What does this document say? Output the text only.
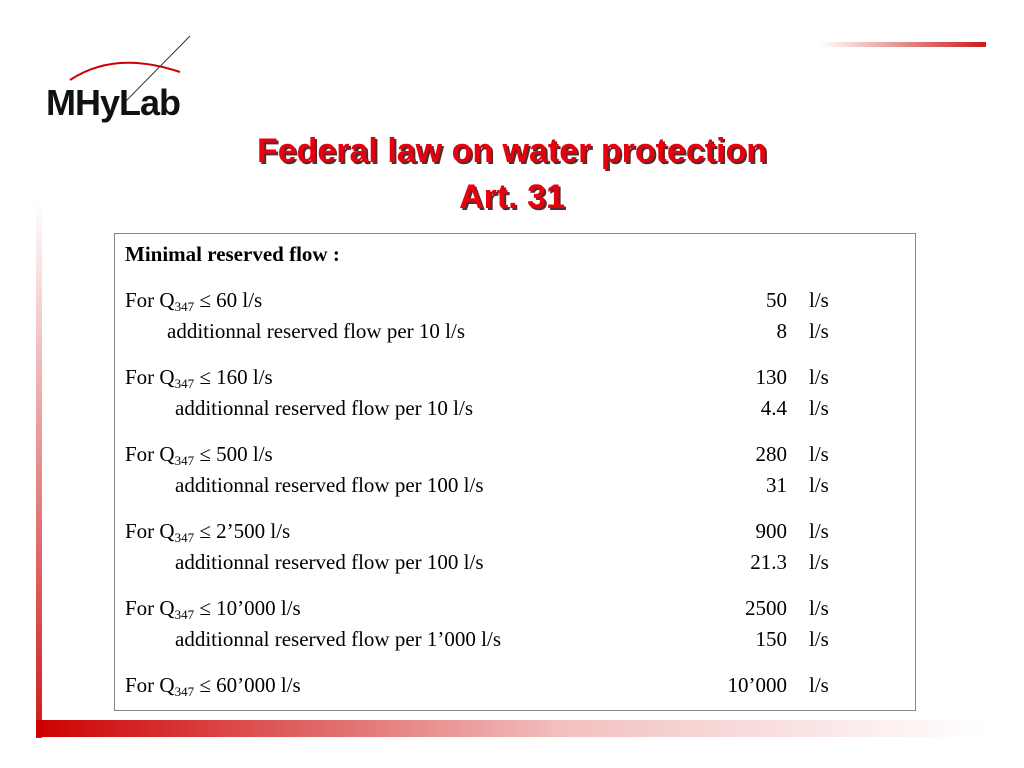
MHyLab
Federal law on water protection
Art. 31
Minimal reserved flow :
For $Q_{347} \le 60$ l/s	50 l/s
additionnal reserved flow per 10 l/s	8 l/s
For $Q_{347} \le 160$ l/s	130 l/s
additionnal reserved flow per 10 l/s	4.4 l/s
For $Q_{347} \le 500$ l/s	280 l/s
additionnal reserved flow per 100 l/s	31 l/s
For $Q_{347}$ ≤ 2’500 l/s	900 l/s
additionnal reserved flow per 100 l/s	21.3 l/s
For $Q_{347}$ ≤ 10’000 l/s	2500 l/s
additionnal reserved flow per 1’000 l/s	150 l/s
For $Q_{347}$ ≤ 60’000 l/s	10’000 l/s
